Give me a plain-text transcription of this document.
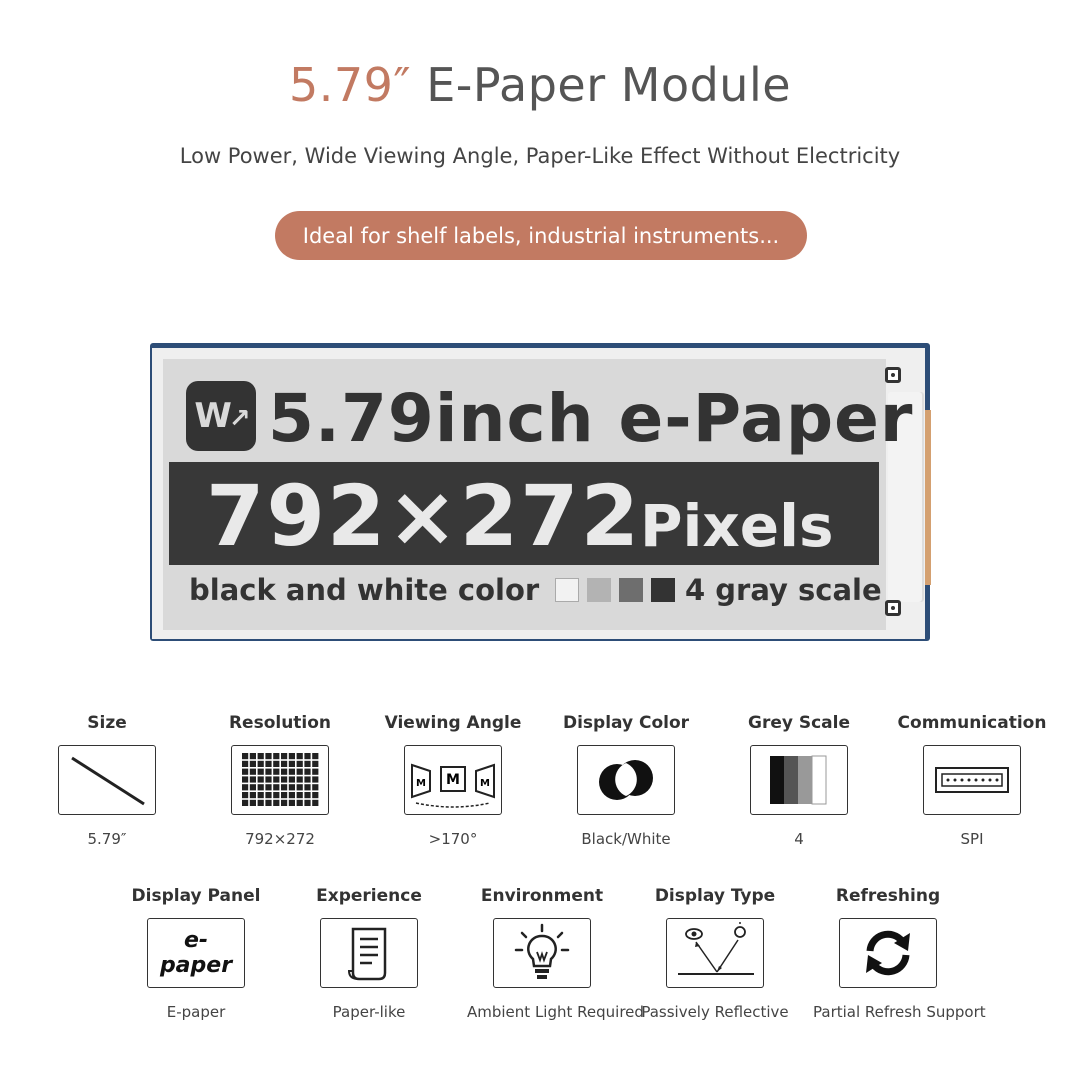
5.79″ E-Paper Module
Low Power, Wide Viewing Angle, Paper-Like Effect Without Electricity
Ideal for shelf labels, industrial instruments...
W ↗ 5.79inch e-Paper
792×272
Pixels
black and white color	4 gray scale
Size
5.79″
Resolution
792×272
Viewing Angle
M M M
>170°
Display Color
Black/White
Grey Scale
4
Communication
SPI
Display Panel
e-paper
E-paper
Experience
Paper-like
Environment
Ambient Light Required
Display Type
Passively Reflective
Refreshing
Partial Refresh Support
